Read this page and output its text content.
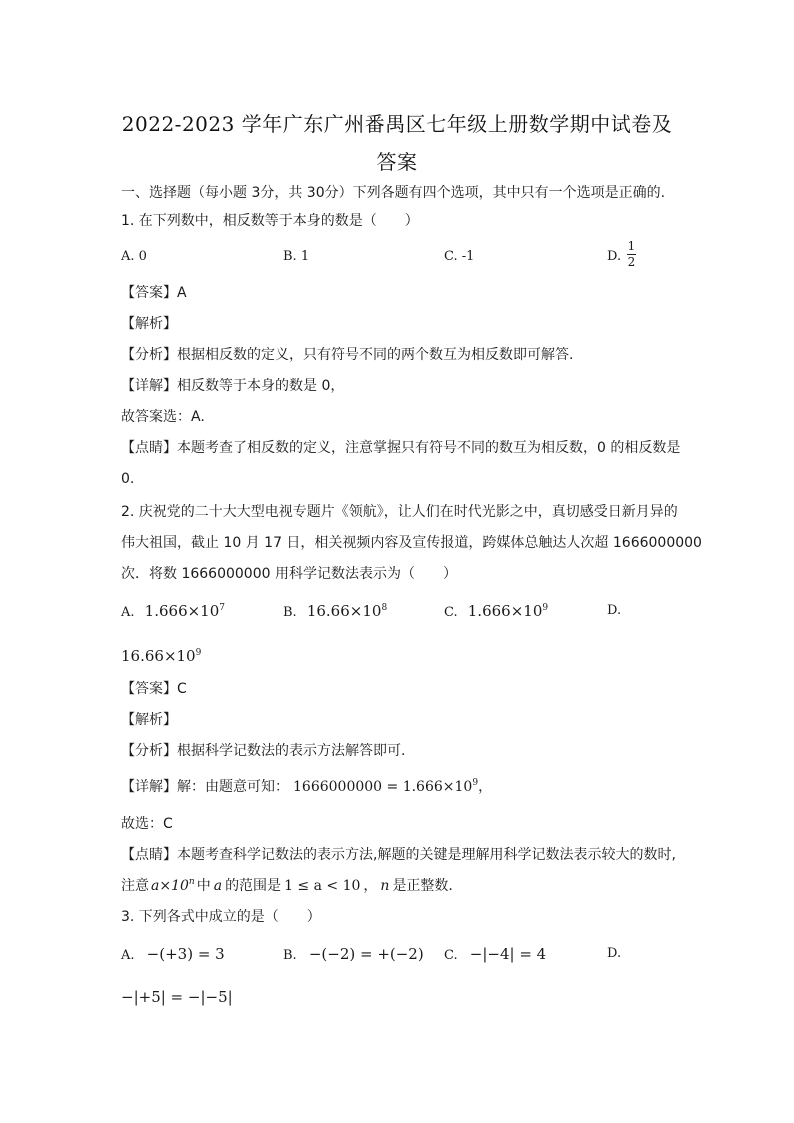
2022-2023 学年广东广州番禺区七年级上册数学期中试卷及
答案
一、选择题（每小题 3分，共 30分）下列各题有四个选项，其中只有一个选项是正确的.
1. 在下列数中，相反数等于本身的数是（　　）
A. 0	B. 1	C. -1	D.
1
2
【答案】A
【解析】
【分析】根据相反数的定义，只有符号不同的两个数互为相反数即可解答.
【详解】相反数等于本身的数是 0，
故答案选：A.
【点睛】本题考查了相反数的定义，注意掌握只有符号不同的数互为相反数，0 的相反数是
0.
2. 庆祝党的二十大大型电视专题片《领航》，让人们在时代光影之中，真切感受日新月异的
伟大祖国，截止 10 月 17 日，相关视频内容及宣传报道，跨媒体总触达人次超 1666000000
次．将数 1666000000 用科学记数法表示为（　　）
A. $1.666\times 10^7$	B. $16.66\times 10^8$	C. $1.666\times 10^9$	D.
$16.66\times 10^9$
【答案】C
【解析】
【分析】根据科学记数法的表示方法解答即可.
【详解】解：由题意可知： $1666000000 = 1.666\times 10^9$，
故选：C
【点睛】本题考查科学记数法的表示方法,解题的关键是理解用科学记数法表示较大的数时,
注意 $a\times 10^n$ 中 a 的范围是 1 ≤ a < 10 ， n 是正整数.
3. 下列各式中成立的是（　　）
A. −(+3) = 3	B. −(−2) = +(−2) C. −|−4| = 4	D.
−|+5| = −|−5|
